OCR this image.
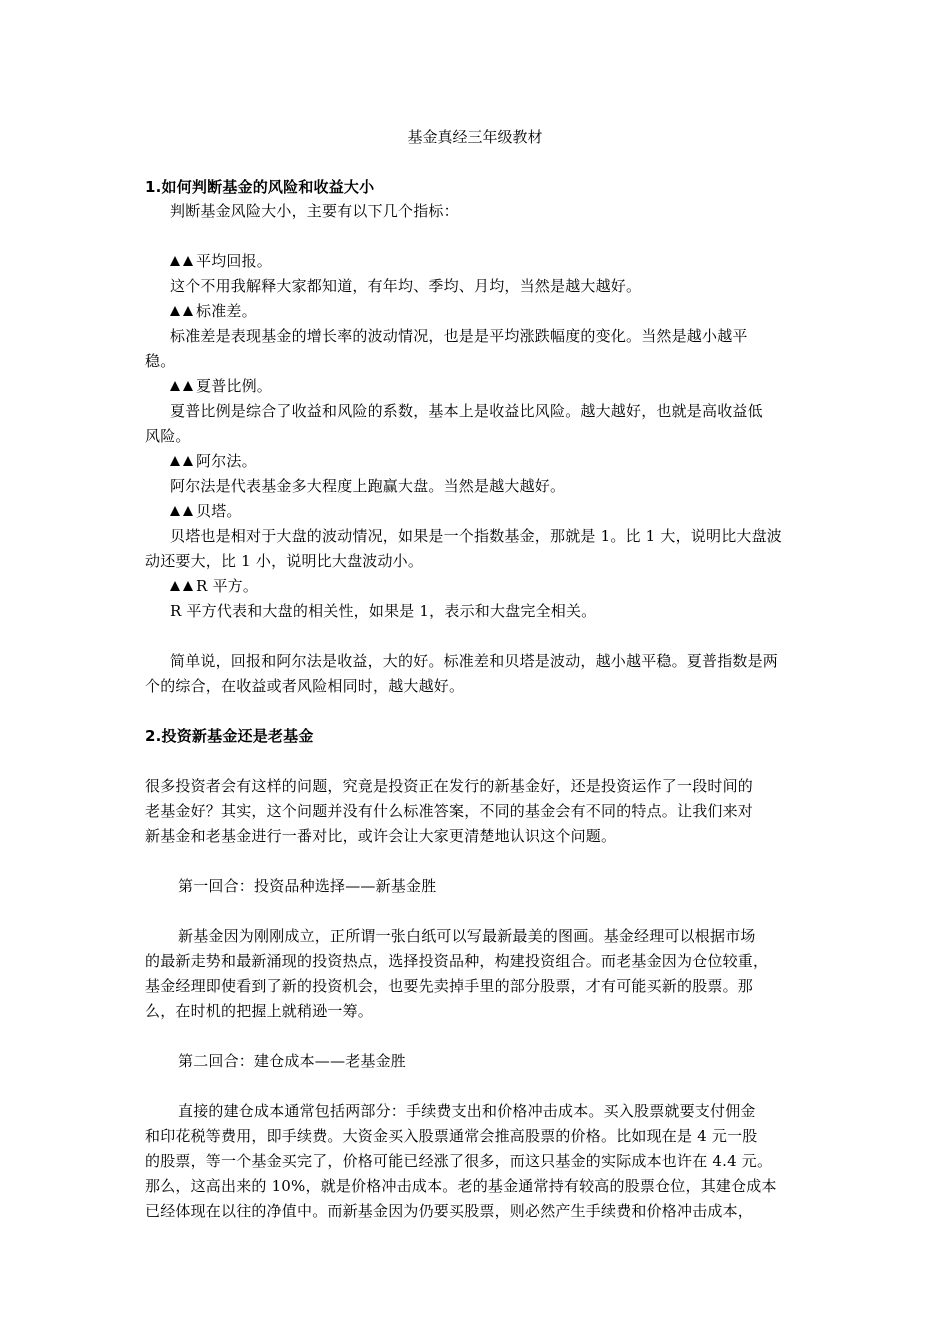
基金真经三年级教材
1.如何判断基金的风险和收益大小
判断基金风险大小，主要有以下几个指标：
平均回报。
这个不用我解释大家都知道，有年均、季均、月均，当然是越大越好。
标准差。
标准差是表现基金的增长率的波动情况，也是是平均涨跌幅度的变化。当然是越小越平
稳。
夏普比例。
夏普比例是综合了收益和风险的系数，基本上是收益比风险。越大越好，也就是高收益低
风险。
阿尔法。
阿尔法是代表基金多大程度上跑赢大盘。当然是越大越好。
贝塔。
贝塔也是相对于大盘的波动情况，如果是一个指数基金，那就是 1。比 1 大，说明比大盘波
动还要大，比 1 小，说明比大盘波动小。
R 平方。
R 平方代表和大盘的相关性，如果是 1，表示和大盘完全相关。
简单说，回报和阿尔法是收益，大的好。标准差和贝塔是波动，越小越平稳。夏普指数是两
个的综合，在收益或者风险相同时，越大越好。
2.投资新基金还是老基金
很多投资者会有这样的问题，究竟是投资正在发行的新基金好，还是投资运作了一段时间的
老基金好？其实，这个问题并没有什么标准答案，不同的基金会有不同的特点。让我们来对
新基金和老基金进行一番对比，或许会让大家更清楚地认识这个问题。
第一回合：投资品种选择——新基金胜
新基金因为刚刚成立，正所谓一张白纸可以写最新最美的图画。基金经理可以根据市场
的最新走势和最新涌现的投资热点，选择投资品种，构建投资组合。而老基金因为仓位较重，
基金经理即使看到了新的投资机会，也要先卖掉手里的部分股票，才有可能买新的股票。那
么，在时机的把握上就稍逊一筹。
第二回合：建仓成本——老基金胜
直接的建仓成本通常包括两部分：手续费支出和价格冲击成本。买入股票就要支付佣金
和印花税等费用，即手续费。大资金买入股票通常会推高股票的价格。比如现在是 4 元一股
的股票，等一个基金买完了，价格可能已经涨了很多，而这只基金的实际成本也许在 4.4 元。
那么，这高出来的 10%，就是价格冲击成本。老的基金通常持有较高的股票仓位，其建仓成本
已经体现在以往的净值中。而新基金因为仍要买股票，则必然产生手续费和价格冲击成本，
